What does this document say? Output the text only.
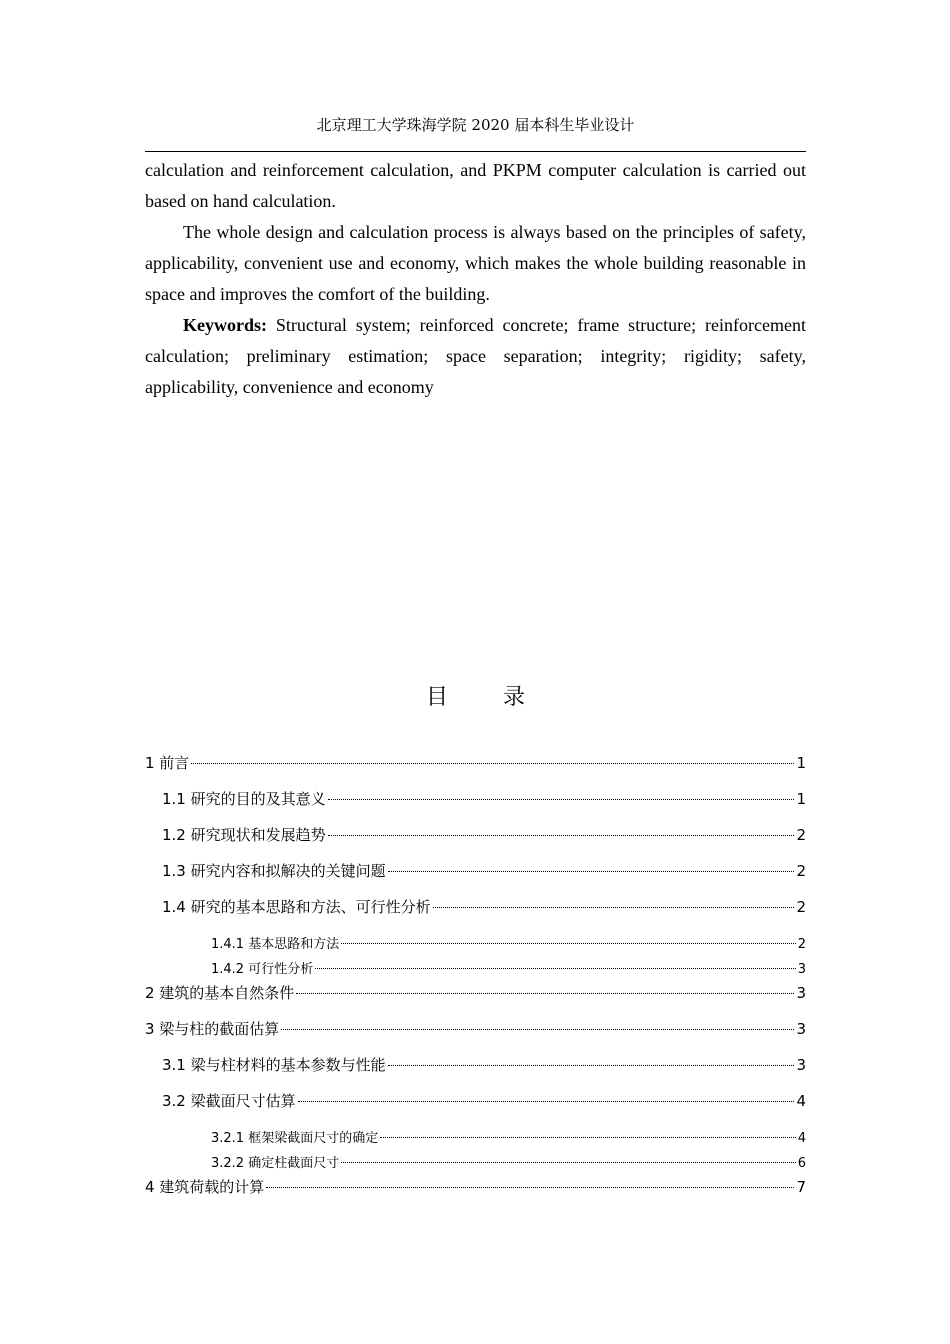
北京理工大学珠海学院 2020 届本科生毕业设计

calculation and reinforcement calculation, and PKPM computer calculation is carried out based on hand calculation.

The whole design and calculation process is always based on the principles of safety, applicability, convenient use and economy, which makes the whole building reasonable in space and improves the comfort of the building.

Keywords: Structural system; reinforced concrete; frame structure; reinforcement calculation; preliminary estimation; space separation; integrity; rigidity; safety, applicability, convenience and economy

目 录
1 前言	1
1.1 研究的目的及其意义	1
1.2 研究现状和发展趋势	2
1.3 研究内容和拟解决的关键问题	2
1.4 研究的基本思路和方法、可行性分析	2
1.4.1 基本思路和方法	2
1.4.2 可行性分析	3
2 建筑的基本自然条件	3
3 梁与柱的截面估算	3
3.1 梁与柱材料的基本参数与性能	3
3.2 梁截面尺寸估算	4
3.2.1 框架梁截面尺寸的确定	4
3.2.2 确定柱截面尺寸	6
4 建筑荷载的计算	7
